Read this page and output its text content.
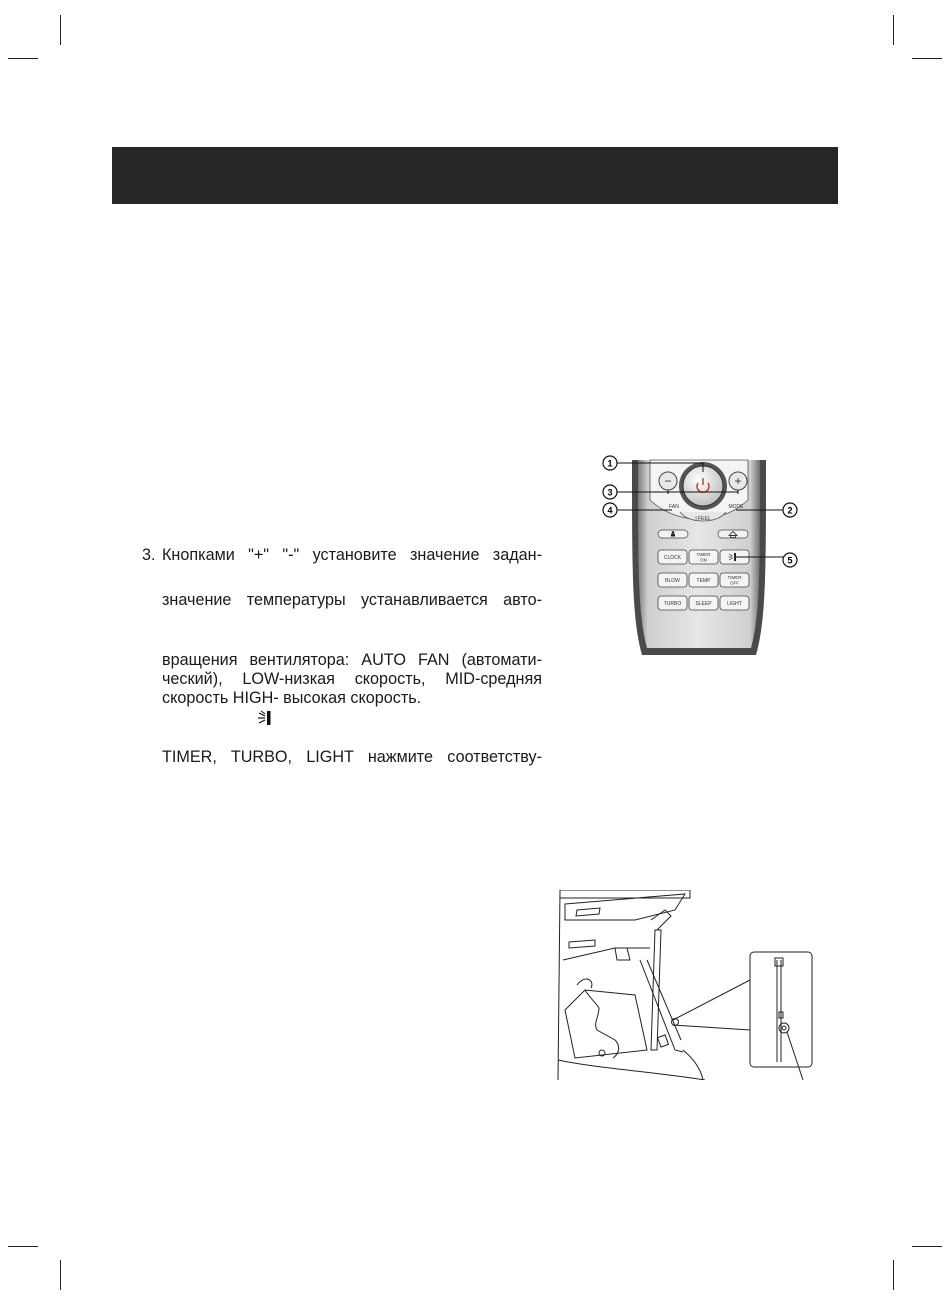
3. Кнопками "+" "-" установите значение задан-
значение температуры устанавливается авто-
вращения вентилятора: AUTO FAN (автомати-
ческий), LOW-низкая скорость, MID-средняя
скорость HIGH- высокая скорость.
TIMER, TURBO, LIGHT нажмите соответству-
−	+
FAN	MODE
I FEEL
CLOCK
TIMER
ON
BLOW	TEMP
TIMER
OFF
TURBO	SLEEP	LIGHT
1
3
4	2
5
